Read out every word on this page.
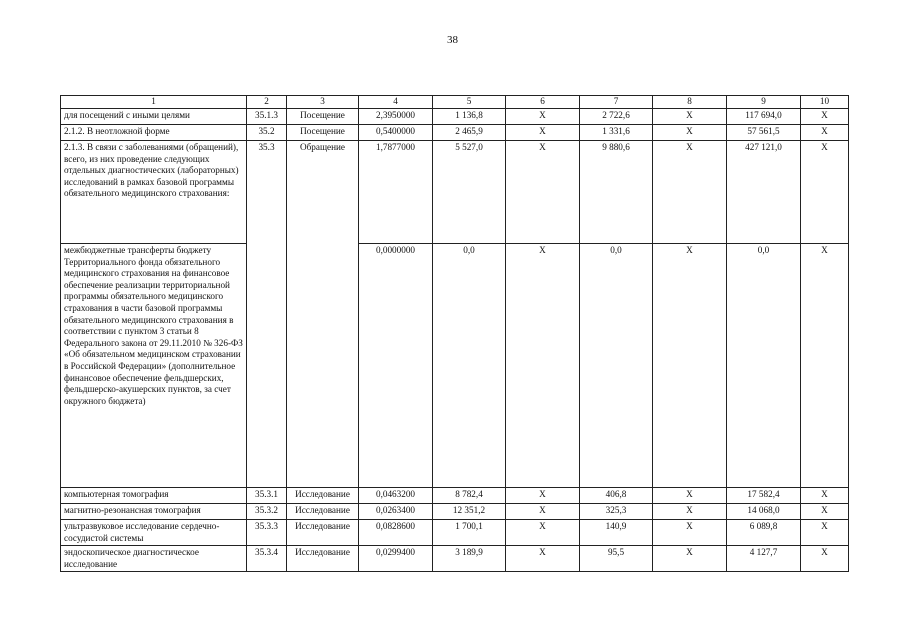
38
1	2	3	4	5	6	7	8	9	10
для посещений с иными целями	35.1.3	Посещение	2,3950000	1 136,8	Х	2 722,6	Х	117 694,0	Х
2.1.2. В неотложной форме	35.2	Посещение	0,5400000	2 465,9	Х	1 331,6	Х	57 561,5	Х
2.1.3. В связи с заболеваниями (обращений), всего, из них проведение следующих отдельных диагностических (лабораторных) исследований в рамках базовой программы обязательного медицинского страхования:	35.3	Обращение	1,7877000	5 527,0	Х	9 880,6	Х	427 121,0	Х
межбюджетные трансферты бюджету Территориального фонда обязательного медицинского страхования на финансовое обеспечение реализации территориальной программы обязательного медицинского страхования в части базовой программы обязательного медицинского страхования в соответствии с пунктом 3 статьи 8 Федерального закона от 29.11.2010 № 326-ФЗ «Об обязательном медицинском страховании в Российской Федерации» (дополнительное финансовое обеспечение фельдшерских, фельдшерско-акушерских пунктов, за счет окружного бюджета)			0,0000000	0,0	Х	0,0	Х	0,0	Х
компьютерная томография	35.3.1	Исследование	0,0463200	8 782,4	Х	406,8	Х	17 582,4	Х
магнитно-резонансная томография	35.3.2	Исследование	0,0263400	12 351,2	Х	325,3	Х	14 068,0	Х
ультразвуковое исследование сердечно-сосудистой системы	35.3.3	Исследование	0,0828600	1 700,1	Х	140,9	Х	6 089,8	Х
эндоскопическое диагностическое исследование	35.3.4	Исследование	0,0299400	3 189,9	Х	95,5	Х	4 127,7	Х
